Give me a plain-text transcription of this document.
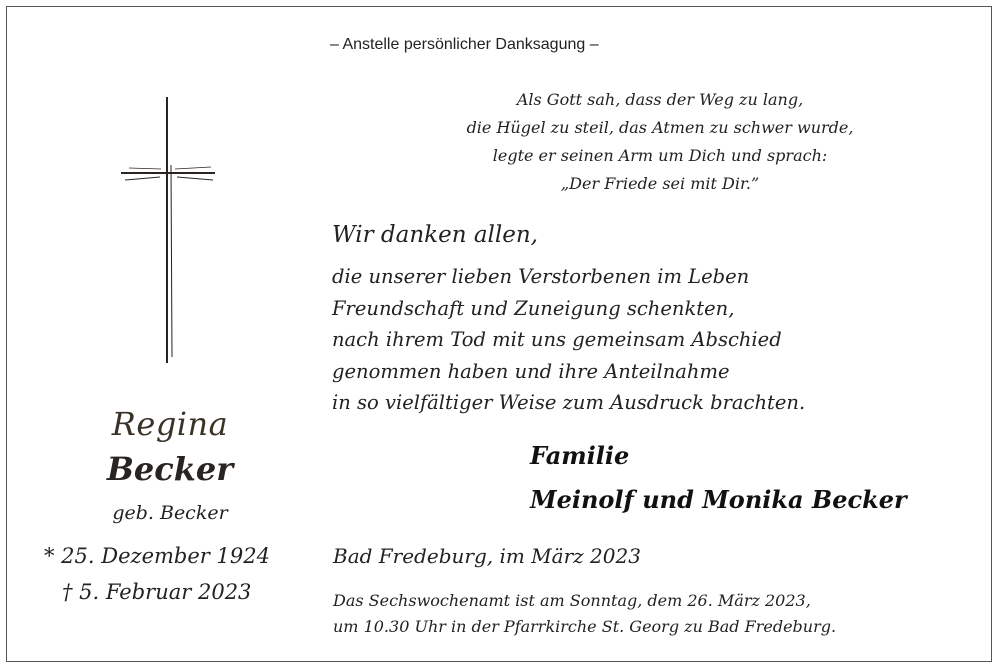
– Anstelle persönlicher Danksagung –
Als Gott sah, dass der Weg zu lang,
die Hügel zu steil, das Atmen zu schwer wurde,
legte er seinen Arm um Dich und sprach:
„Der Friede sei mit Dir.”
Wir danken allen,
die unserer lieben Verstorbenen im Leben
Freundschaft und Zuneigung schenkten,
nach ihrem Tod mit uns gemeinsam Abschied
genommen haben und ihre Anteilnahme
in so vielfältiger Weise zum Ausdruck brachten.
Familie
Meinolf und Monika Becker
Regina
Becker
geb. Becker
* 25. Dezember 1924
† 5. Februar 2023
Bad Fredeburg, im März 2023
Das Sechswochenamt ist am Sonntag, dem 26. März 2023,
um 10.30 Uhr in der Pfarrkirche St. Georg zu Bad Fredeburg.
